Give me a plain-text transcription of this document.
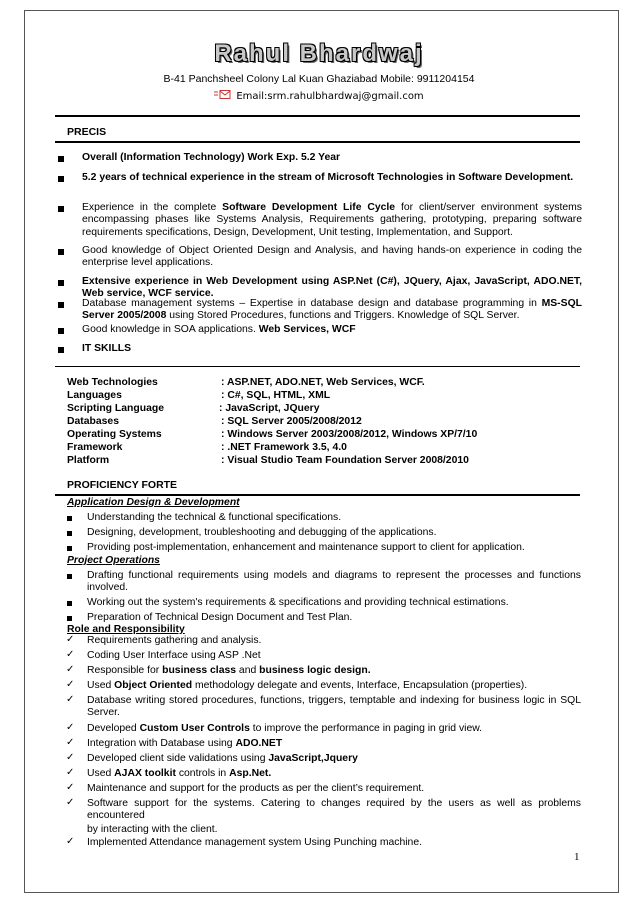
Rahul Bhardwaj
B-41 Panchsheel Colony Lal Kuan Ghaziabad Mobile: 9911204154
Email:srm.rahulbhardwaj@gmail.com
PRECIS
Overall (Information Technology) Work Exp. 5.2 Year
5.2 years of technical experience in the stream of Microsoft Technologies in Software Development.
Experience in the complete Software Development Life Cycle for client/server environment systems encompassing phases like Systems Analysis, Requirements gathering, prototyping, preparing software requirements specifications, Design, Development, Unit testing, Implementation, and Support.
Good knowledge of Object Oriented Design and Analysis, and having hands-on experience in coding the enterprise level applications.
Extensive experience in Web Development using ASP.Net (C#), JQuery, Ajax, JavaScript, ADO.NET, Web service, WCF service.
Database management systems – Expertise in database design and database programming in MS-SQL Server 2005/2008 using Stored Procedures, functions and Triggers. Knowledge of SQL Server.
Good knowledge in SOA applications. Web Services, WCF
IT SKILLS
Web Technologies	: ASP.NET, ADO.NET, Web Services, WCF.
Languages	: C#, SQL, HTML, XML
Scripting Language	: JavaScript, JQuery
Databases	: SQL Server 2005/2008/2012
Operating Systems	: Windows Server 2003/2008/2012, Windows XP/7/10
Framework	: .NET Framework 3.5, 4.0
Platform	: Visual Studio Team Foundation Server 2008/2010
PROFICIENCY FORTE
Application Design & Development
Understanding the technical & functional specifications.
Designing, development, troubleshooting and debugging of the applications.
Providing post-implementation, enhancement and maintenance support to client for application.
Project Operations
Drafting functional requirements using models and diagrams to represent the processes and functions involved.
Working out the system's requirements & specifications and providing technical estimations.
Preparation of Technical Design Document and Test Plan.
Role and Responsibility
✓ Requirements gathering and analysis.
✓ Coding User Interface using ASP .Net
✓ Responsible for business class and business logic design.
✓ Used Object Oriented methodology delegate and events, Interface, Encapsulation (properties).
✓ Database writing stored procedures, functions, triggers, temptable and indexing for business logic in SQL Server.
✓ Developed Custom User Controls to improve the performance in paging in grid view.
✓ Integration with Database using ADO.NET
✓ Developed client side validations using JavaScript,Jquery
✓ Used AJAX toolkit controls in Asp.Net.
✓ Maintenance and support for the products as per the client’s requirement.
✓ Software support for the systems. Catering to changes required by the users as well as problems encountered
by interacting with the client.
✓ Implemented Attendance management system Using Punching machine.
1
